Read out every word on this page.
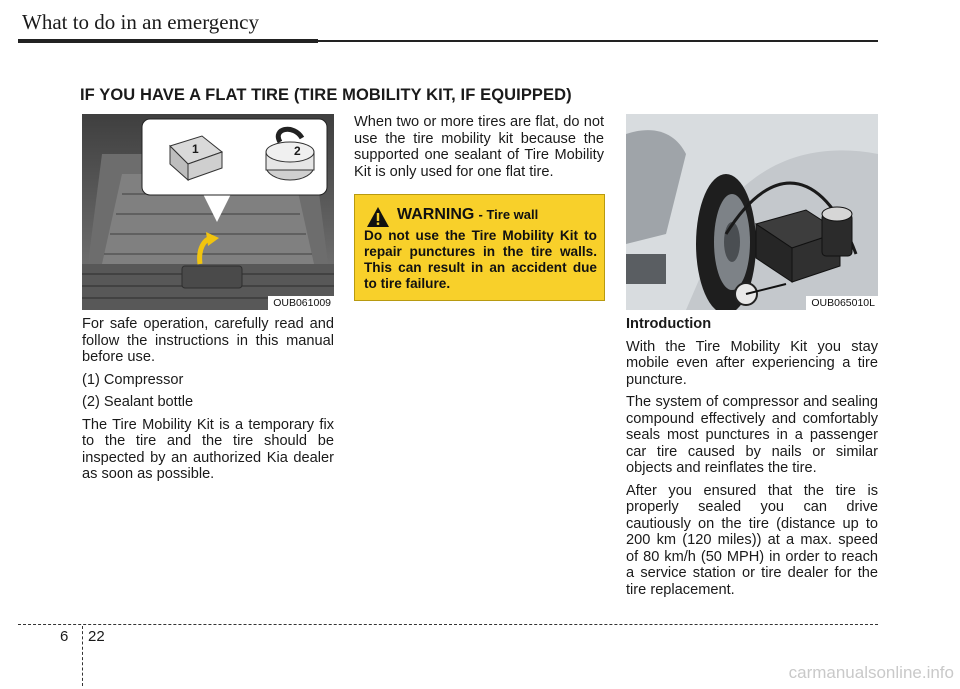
What to do in an emergency
IF YOU HAVE A FLAT TIRE (TIRE MOBILITY KIT, IF EQUIPPED)
1	2
OUB061009

For safe operation, carefully read and follow the instructions in this manual before use.

(1) Compressor

(2) Sealant bottle

The Tire Mobility Kit is a temporary fix to the tire and the tire should be inspected by an authorized Kia dealer as soon as possible.

When two or more tires are flat, do not use the tire mobility kit because the supported one sealant of Tire Mobility Kit is only used for one flat tire.

WARNING - Tire wall
Do not use the Tire Mobility Kit to repair punctures in the tire walls. This can result in an accident due to tire failure.
OUB065010L

Introduction

With the Tire Mobility Kit you stay mobile even after experiencing a tire puncture.

The system of compressor and sealing compound effectively and comfortably seals most punctures in a passenger car tire caused by nails or similar objects and reinflates the tire.

After you ensured that the tire is properly sealed you can drive cautiously on the tire (distance up to 200 km (120 miles)) at a max. speed of 80 km/h (50 MPH) in order to reach a service station or tire dealer for the tire replacement.

6 22
carmanualsonline.info
